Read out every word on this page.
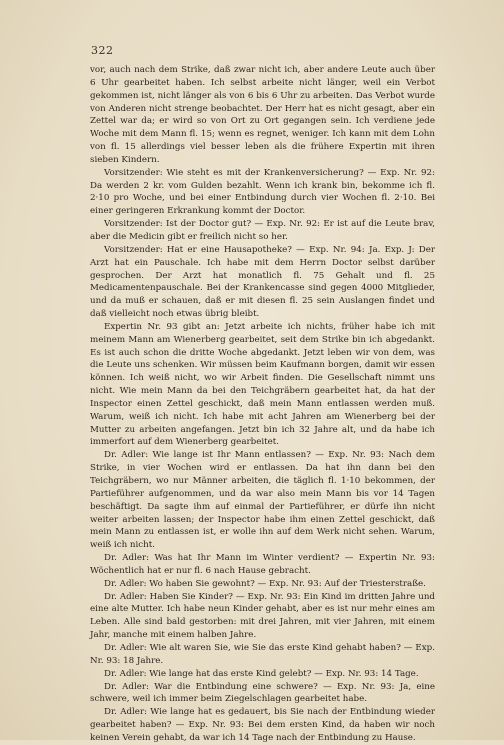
322

vor, auch nach dem Strike, daß zwar nicht ich, aber andere Leute auch über 6 Uhr gearbeitet haben. Ich selbst arbeite nicht länger, weil ein Verbot gekommen ist, nicht länger als von 6 bis 6 Uhr zu arbeiten. Das Verbot wurde von Anderen nicht strenge beobachtet. Der Herr hat es nicht gesagt, aber ein Zettel war da; er wird so von Ort zu Ort gegangen sein. Ich verdiene jede Woche mit dem Mann fl. 15; wenn es regnet, weniger. Ich kann mit dem Lohn von fl. 15 allerdings viel besser leben als die frühere Expertin mit ihren sieben Kindern.

Vorsitzender: Wie steht es mit der Krankenversicherung? — Exp. Nr. 92: Da werden 2 kr. vom Gulden bezahlt. Wenn ich krank bin, bekomme ich fl. 2·10 pro Woche, und bei einer Entbindung durch vier Wochen fl. 2·10. Bei einer geringeren Erkrankung kommt der Doctor.

Vorsitzender: Ist der Doctor gut? — Exp. Nr. 92: Er ist auf die Leute brav, aber die Medicin gibt er freilich nicht so her.

Vorsitzender: Hat er eine Hausapotheke? — Exp. Nr. 94: Ja. Exp. J: Der Arzt hat ein Pauschale. Ich habe mit dem Herrn Doctor selbst darüber gesprochen. Der Arzt hat monatlich fl. 75 Gehalt und fl. 25 Medicamentenpauschale. Bei der Krankencasse sind gegen 4000 Mitglieder, und da muß er schauen, daß er mit diesen fl. 25 sein Auslangen findet und daß vielleicht noch etwas übrig bleibt.

Expertin Nr. 93 gibt an: Jetzt arbeite ich nichts, früher habe ich mit meinem Mann am Wienerberg gearbeitet, seit dem Strike bin ich abgedankt. Es ist auch schon die dritte Woche abgedankt. Jetzt leben wir von dem, was die Leute uns schenken. Wir müssen beim Kaufmann borgen, damit wir essen können. Ich weiß nicht, wo wir Arbeit finden. Die Gesellschaft nimmt uns nicht. Wie mein Mann da bei den Teichgräbern gearbeitet hat, da hat der Inspector einen Zettel geschickt, daß mein Mann entlassen werden muß. Warum, weiß ich nicht. Ich habe mit acht Jahren am Wienerberg bei der Mutter zu arbeiten angefangen. Jetzt bin ich 32 Jahre alt, und da habe ich immerfort auf dem Wienerberg gearbeitet.

Dr. Adler: Wie lange ist Ihr Mann entlassen? — Exp. Nr. 93: Nach dem Strike, in vier Wochen wird er entlassen. Da hat ihn dann bei den Teichgräbern, wo nur Männer arbeiten, die täglich fl. 1·10 bekommen, der Partieführer aufgenommen, und da war also mein Mann bis vor 14 Tagen beschäftigt. Da sagte ihm auf einmal der Partieführer, er dürfe ihn nicht weiter arbeiten lassen; der Inspector habe ihm einen Zettel geschickt, daß mein Mann zu entlassen ist, er wolle ihn auf dem Werk nicht sehen. Warum, weiß ich nicht.

Dr. Adler: Was hat Ihr Mann im Winter verdient? — Expertin Nr. 93: Wöchentlich hat er nur fl. 6 nach Hause gebracht.

Dr. Adler: Wo haben Sie gewohnt? — Exp. Nr. 93: Auf der Triesterstraße.

Dr. Adler: Haben Sie Kinder? — Exp. Nr. 93: Ein Kind im dritten Jahre und eine alte Mutter. Ich habe neun Kinder gehabt, aber es ist nur mehr eines am Leben. Alle sind bald gestorben: mit drei Jahren, mit vier Jahren, mit einem Jahr, manche mit einem halben Jahre.

Dr. Adler: Wie alt waren Sie, wie Sie das erste Kind gehabt haben? — Exp. Nr. 93: 18 Jahre.

Dr. Adler: Wie lange hat das erste Kind gelebt? — Exp. Nr. 93: 14 Tage.

Dr. Adler: War die Entbindung eine schwere? — Exp. Nr. 93: Ja, eine schwere, weil ich immer beim Ziegelschlagen gearbeitet habe.

Dr. Adler: Wie lange hat es gedauert, bis Sie nach der Entbindung wieder gearbeitet haben? — Exp. Nr. 93: Bei dem ersten Kind, da haben wir noch keinen Verein gehabt, da war ich 14 Tage nach der Entbindung zu Hause.
